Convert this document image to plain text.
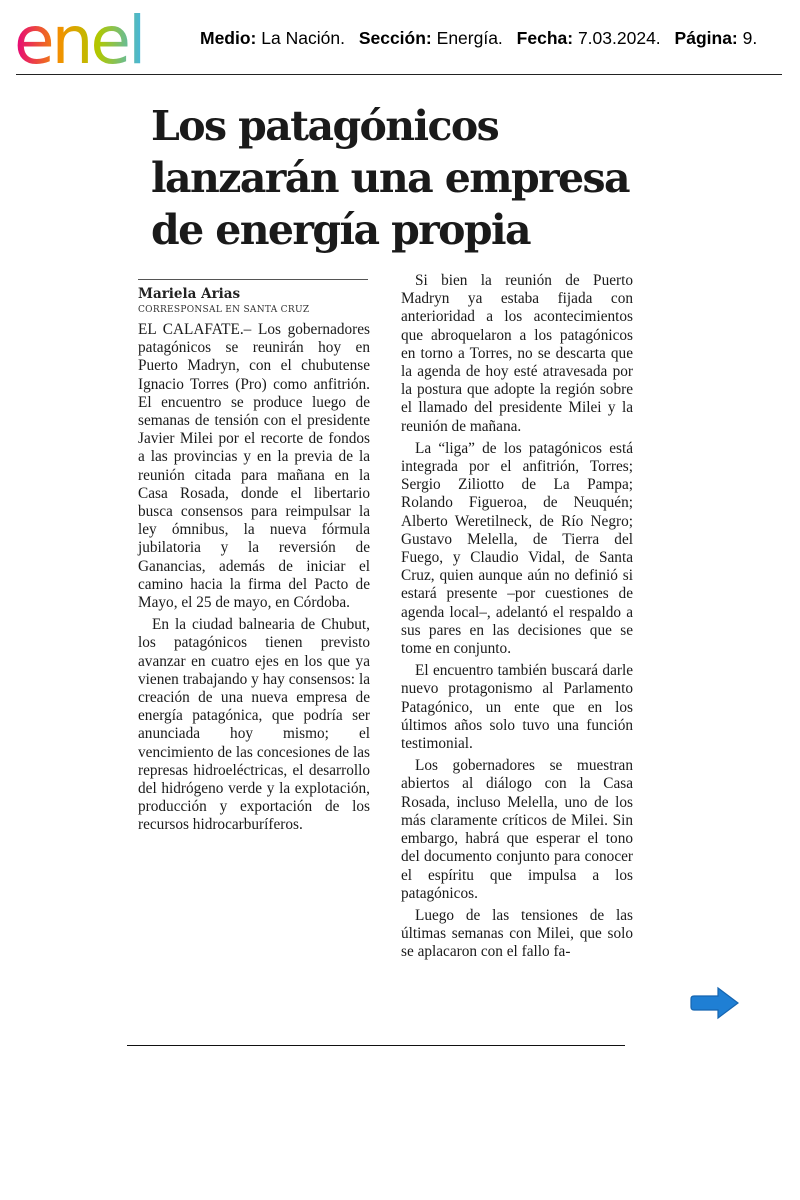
enel	Medio: La Nación. Sección: Energía. Fecha: 7.03.2024. Página: 9.
Los patagónicos
lanzarán una empresa
de energía propia
Mariela Arias
CORRESPONSAL EN SANTA CRUZ

EL CALAFATE.– Los gobernadores patagónicos se reunirán hoy en Puerto Madryn, con el chubutense Ignacio Torres (Pro) como anfitrión. El encuentro se produce luego de semanas de tensión con el presidente Javier Milei por el recorte de fondos a las provincias y en la previa de la reunión citada para mañana en la Casa Rosada, donde el libertario busca consensos para reimpulsar la ley ómnibus, la nueva fórmula jubilatoria y la reversión de Ganancias, además de iniciar el camino hacia la firma del Pacto de Mayo, el 25 de mayo, en Córdoba.

En la ciudad balnearia de Chubut, los patagónicos tienen previsto avanzar en cuatro ejes en los que ya vienen trabajando y hay consensos: la creación de una nueva empresa de energía patagónica, que podría ser anunciada hoy mismo; el vencimiento de las concesiones de las represas hidroeléctricas, el desarrollo del hidrógeno verde y la explotación, producción y exportación de los recursos hidrocarburíferos.

Si bien la reunión de Puerto Madryn ya estaba fijada con anterioridad a los acontecimientos que abroquelaron a los patagónicos en torno a Torres, no se descarta que la agenda de hoy esté atravesada por la postura que adopte la región sobre el llamado del presidente Milei y la reunión de mañana.

La “liga” de los patagónicos está integrada por el anfitrión, Torres; Sergio Ziliotto de La Pampa; Rolando Figueroa, de Neuquén; Alberto Weretilneck, de Río Negro; Gustavo Melella, de Tierra del Fuego, y Claudio Vidal, de Santa Cruz, quien aunque aún no definió si estará presente –por cuestiones de agenda local–, adelantó el respaldo a sus pares en las decisiones que se tome en conjunto.

El encuentro también buscará darle nuevo protagonismo al Parlamento Patagónico, un ente que en los últimos años solo tuvo una función testimonial.

Los gobernadores se muestran abiertos al diálogo con la Casa Rosada, incluso Melella, uno de los más claramente críticos de Milei. Sin embargo, habrá que esperar el tono del documento conjunto para conocer el espíritu que impulsa a los patagónicos.

Luego de las tensiones de las últimas semanas con Milei, que solo se aplacaron con el fallo fa-
